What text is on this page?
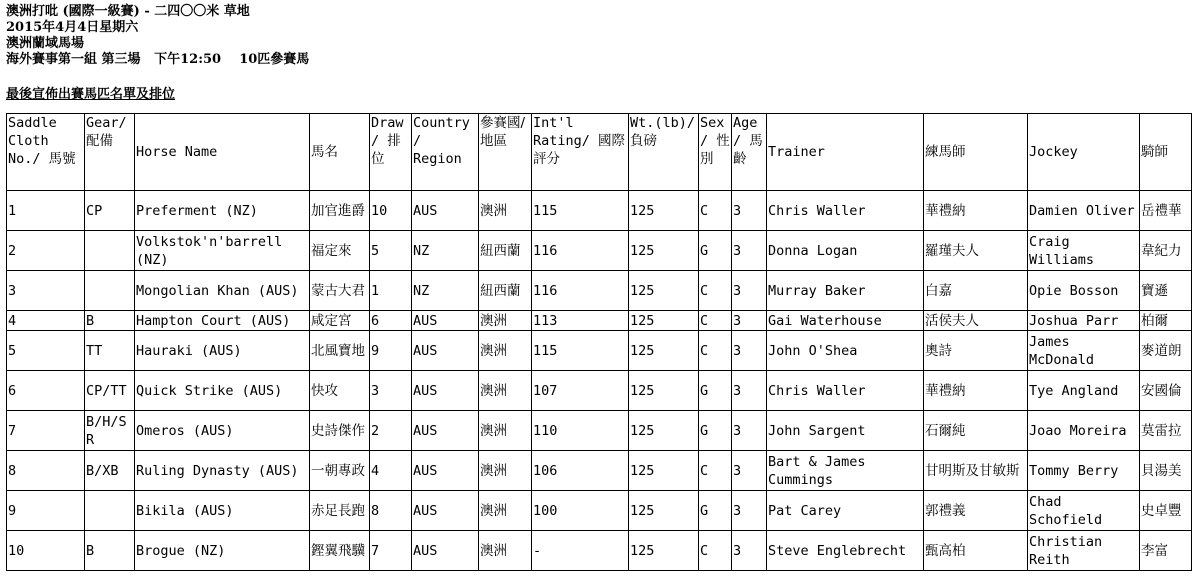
澳洲打吡 (國際一級賽) - 二四〇〇米 草地
2015年4月4日星期六
澳洲蘭域馬場
海外賽事第一組 第三場   下午12:50    10匹參賽馬
最後宣佈出賽馬匹名單及排位
Saddle Cloth No./ 馬號	Gear/ 配備	Horse Name	馬名	Draw/ 排位	Country/ Region	參賽國/ 地區	Int'l Rating/ 國際評分	Wt.(lb)/ 負磅	Sex/ 性別	Age/ 馬齡	Trainer	練馬師	Jockey	騎師
1	CP	Preferment (NZ)	加官進爵	10	AUS	澳洲	115	125	C	3	Chris Waller	華禮納	Damien Oliver	岳禮華
2		Volkstok'n'barrell (NZ)	福定來	5	NZ	紐西蘭	116	125	G	3	Donna Logan	羅瑾夫人	Craig Williams	韋紀力
3		Mongolian Khan (AUS)	蒙古大君	1	NZ	紐西蘭	116	125	C	3	Murray Baker	白嘉	Opie Bosson	寶遜
4	B	Hampton Court (AUS)	咸定宮	6	AUS	澳洲	113	125	C	3	Gai Waterhouse	活侯夫人	Joshua Parr	柏爾
5	TT	Hauraki (AUS)	北風寶地	9	AUS	澳洲	115	125	C	3	John O'Shea	奧詩	James McDonald	麥道朗
6	CP/TT	Quick Strike (AUS)	快攻	3	AUS	澳洲	107	125	G	3	Chris Waller	華禮納	Tye Angland	安國倫
7	B/H/SR	Omeros (AUS)	史詩傑作	2	AUS	澳洲	110	125	G	3	John Sargent	石爾純	Joao Moreira	莫雷拉
8	B/XB	Ruling Dynasty (AUS)	一朝專政	4	AUS	澳洲	106	125	C	3	Bart & James Cummings	甘明斯及甘敏斯	Tommy Berry	貝湯美
9		Bikila (AUS)	赤足長跑	8	AUS	澳洲	100	125	G	3	Pat Carey	郭禮義	Chad Schofield	史卓豐
10	B	Brogue (NZ)	鏗翼飛驥	7	AUS	澳洲	-	125	C	3	Steve Englebrecht	甄高柏	Christian Reith	李富
